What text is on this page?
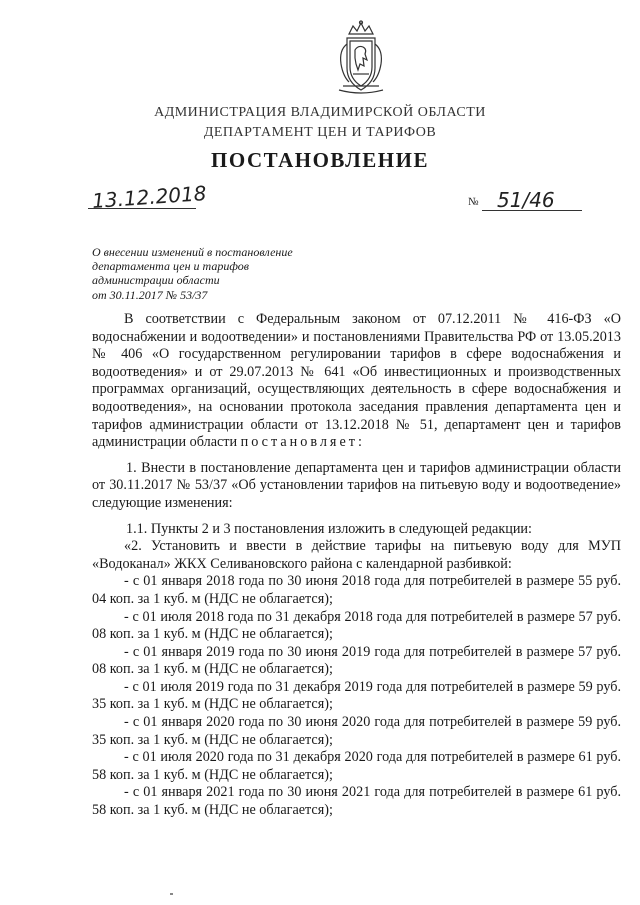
АДМИНИСТРАЦИЯ ВЛАДИМИРСКОЙ ОБЛАСТИ
ДЕПАРТАМЕНТ ЦЕН И ТАРИФОВ
ПОСТАНОВЛЕНИЕ
13.12.2018	№ 51/46
О внесении изменений в постановление
департамента цен и тарифов
администрации области
от 30.11.2017 № 53/37

В соответствии с Федеральным законом от 07.12.2011 № 416-ФЗ «О водоснабжении и водоотведении» и постановлениями Правительства РФ от 13.05.2013 № 406 «О государственном регулировании тарифов в сфере водоснабжения и водоотведения» и от 29.07.2013 № 641 «Об инвестиционных и производственных программах организаций, осуществляющих деятельность в сфере водоснабжения и водоотведения», на основании протокола заседания правления департамента цен и тарифов администрации области от 13.12.2018 № 51, департамент цен и тарифов администрации области постановляет:

1. Внести в постановление департамента цен и тарифов администрации области от 30.11.2017 № 53/37 «Об установлении тарифов на питьевую воду и водоотведение» следующие изменения:

1.1. Пункты 2 и 3 постановления изложить в следующей редакции:

«2. Установить и ввести в действие тарифы на питьевую воду для МУП «Водоканал» ЖКХ Селивановского района с календарной разбивкой:

- с 01 января 2018 года по 30 июня 2018 года для потребителей в размере 55 руб. 04 коп. за 1 куб. м (НДС не облагается);

- с 01 июля 2018 года по 31 декабря 2018 года для потребителей в размере 57 руб. 08 коп. за 1 куб. м (НДС не облагается);

- с 01 января 2019 года по 30 июня 2019 года для потребителей в размере 57 руб. 08 коп. за 1 куб. м (НДС не облагается);

- с 01 июля 2019 года по 31 декабря 2019 года для потребителей в размере 59 руб. 35 коп. за 1 куб. м (НДС не облагается);

- с 01 января 2020 года по 30 июня 2020 года для потребителей в размере 59 руб. 35 коп. за 1 куб. м (НДС не облагается);

- с 01 июля 2020 года по 31 декабря 2020 года для потребителей в размере 61 руб. 58 коп. за 1 куб. м (НДС не облагается);

- с 01 января 2021 года по 30 июня 2021 года для потребителей в размере 61 руб. 58 коп. за 1 куб. м (НДС не облагается);
